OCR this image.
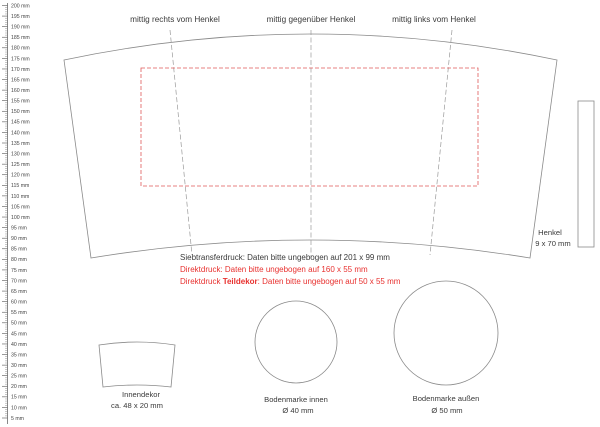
200 mm
195 mm
190 mm
185 mm
180 mm
175 mm
170 mm
165 mm
160 mm
155 mm
150 mm
145 mm
140 mm
135 mm
130 mm
125 mm
120 mm
115 mm
110 mm
105 mm
100 mm
95 mm
90 mm
85 mm
80 mm
75 mm
70 mm
65 mm
60 mm
55 mm
50 mm
45 mm
40 mm
35 mm
30 mm
25 mm
20 mm
15 mm
10 mm
5 mm
mittig rechts vom Henkel	mittig gegenüber Henkel	mittig links vom Henkel
Siebtransferdruck: Daten bitte ungebogen auf 201 x 99 mm
Direktdruck: Daten bitte ungebogen auf 160 x 55 mm
Direktdruck Teildekor: Daten bitte ungebogen auf 50 x 55 mm
Henkel
9 x 70 mm
Innendekor
ca. 48 x 20 mm
Bodenmarke innen
Ø 40 mm
Bodenmarke außen
Ø 50 mm
